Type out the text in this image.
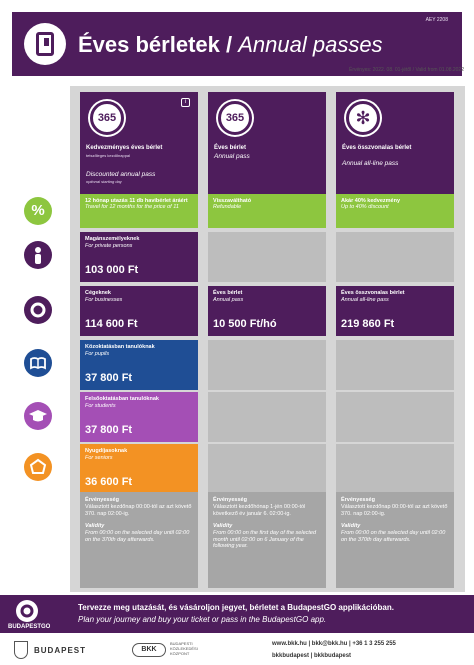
Éves bérletek / Annual passes
AEY 2208
Érvényes: 2022. 08. 01-jétől / Valid from 01.08.2022
365
i
Kedvezményes éves bérlet
tetszőleges kezdőnappal
Discounted annual pass
optional starting day
365
Éves bérlet
Annual pass
✻
Éves összvonalas bérlet
Annual all-line pass
%
12 hónap utazás 11 db havibérlet áráért
Travel for 12 months for the price of 11
Visszaváltható
Refundable
Akár 40% kedvezmény
Up to 40% discount
Magánszemélyeknek
For private persons
103 000 Ft
Cégeknek
For businesses
114 600 Ft
Éves bérlet
Annual pass
10 500 Ft/hó
Éves összvonalas bérlet
Annual all-line pass
219 860 Ft
Közoktatásban tanulóknak
For pupils
37 800 Ft
Felsőoktatásban tanulóknak
For students
37 800 Ft
Nyugdíjasoknak
For seniors
36 600 Ft
Érvényesség
Választott kezdőnap 00:00-tól az azt követő 370. nap 02:00-ig.
Validity
From 00:00 on the selected day until 02:00 on the 370th day afterwards.
Érvényesség
Választott kezdőhónap 1-jén 00:00-tól következő év január 6. 02:00-ig.
Validity
From 00:00 on the first day of the selected month until 02:00 on 6 January of the following year.
Érvényesség
Választott kezdőnap 00:00-tól az azt követő 370. nap 02:00-ig.
Validity
From 00:00 on the selected day until 02:00 on the 370th day afterwards.
BUDAPESTGO
Tervezze meg utazását, és vásároljon jegyet, bérletet a BudapestGO applikációban.
Plan your journey and buy your ticket or pass in the BudapestGO app.
BUDAPEST	BKK
BUDAPESTI KÖZLEKEDÉSI KÖZPONT
www.bkk.hu | bkk@bkk.hu | +36 1 3 255 255
bkkbudapest | bkkbudapest
